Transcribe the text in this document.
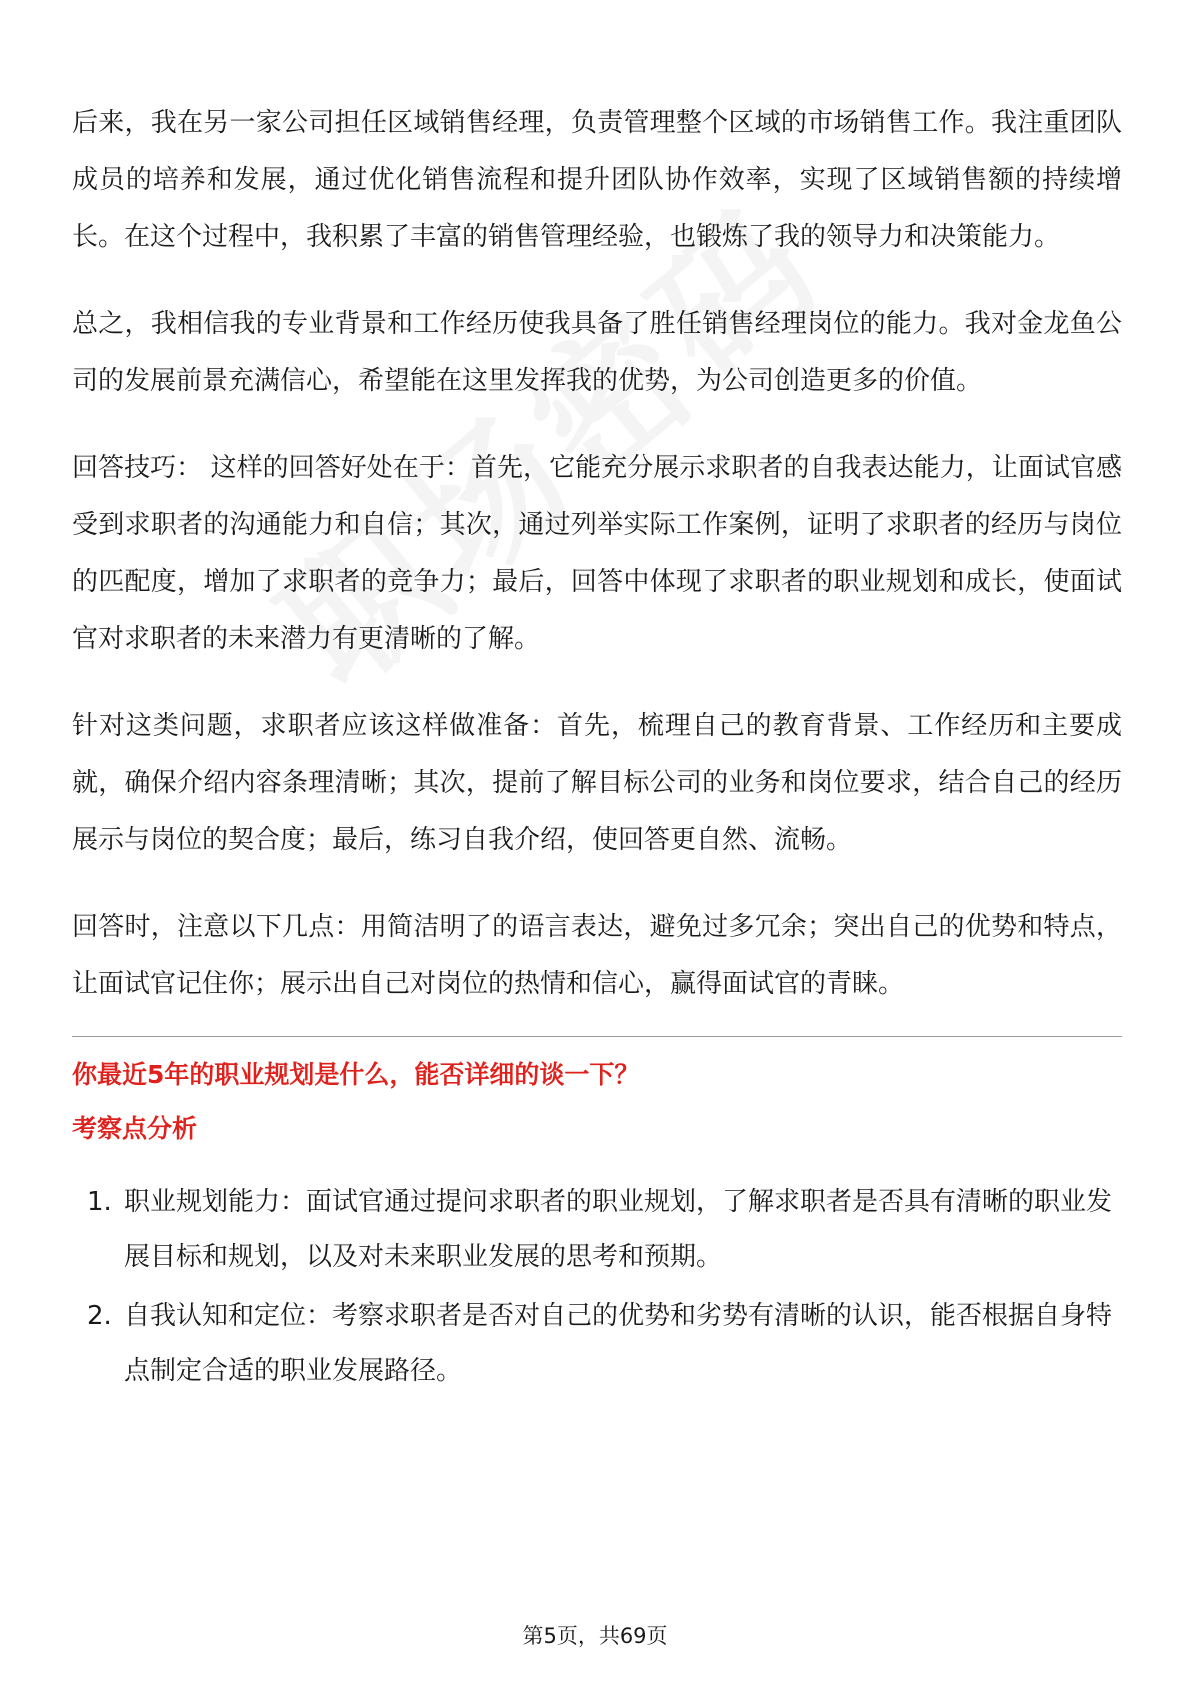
后来，我在另一家公司担任区域销售经理，负责管理整个区域的市场销售工作。我注重团队成员的培养和发展，通过优化销售流程和提升团队协作效率，实现了区域销售额的持续增长。在这个过程中，我积累了丰富的销售管理经验，也锻炼了我的领导力和决策能力。

总之，我相信我的专业背景和工作经历使我具备了胜任销售经理岗位的能力。我对金龙鱼公司的发展前景充满信心，希望能在这里发挥我的优势，为公司创造更多的价值。

回答技巧： 这样的回答好处在于：首先，它能充分展示求职者的自我表达能力，让面试官感受到求职者的沟通能力和自信；其次，通过列举实际工作案例，证明了求职者的经历与岗位的匹配度，增加了求职者的竞争力；最后，回答中体现了求职者的职业规划和成长，使面试官对求职者的未来潜力有更清晰的了解。

针对这类问题，求职者应该这样做准备：首先，梳理自己的教育背景、工作经历和主要成就，确保介绍内容条理清晰；其次，提前了解目标公司的业务和岗位要求，结合自己的经历展示与岗位的契合度；最后，练习自我介绍，使回答更自然、流畅。

回答时，注意以下几点：用简洁明了的语言表达，避免过多冗余；突出自己的优势和特点，让面试官记住你；展示出自己对岗位的热情和信心，赢得面试官的青睐。

你最近5年的职业规划是什么，能否详细的谈一下？
考察点分析
1. 职业规划能力：面试官通过提问求职者的职业规划，了解求职者是否具有清晰的职业发展目标和规划，以及对未来职业发展的思考和预期。
2. 自我认知和定位：考察求职者是否对自己的优势和劣势有清晰的认识，能否根据自身特点制定合适的职业发展路径。
第5页，共69页
